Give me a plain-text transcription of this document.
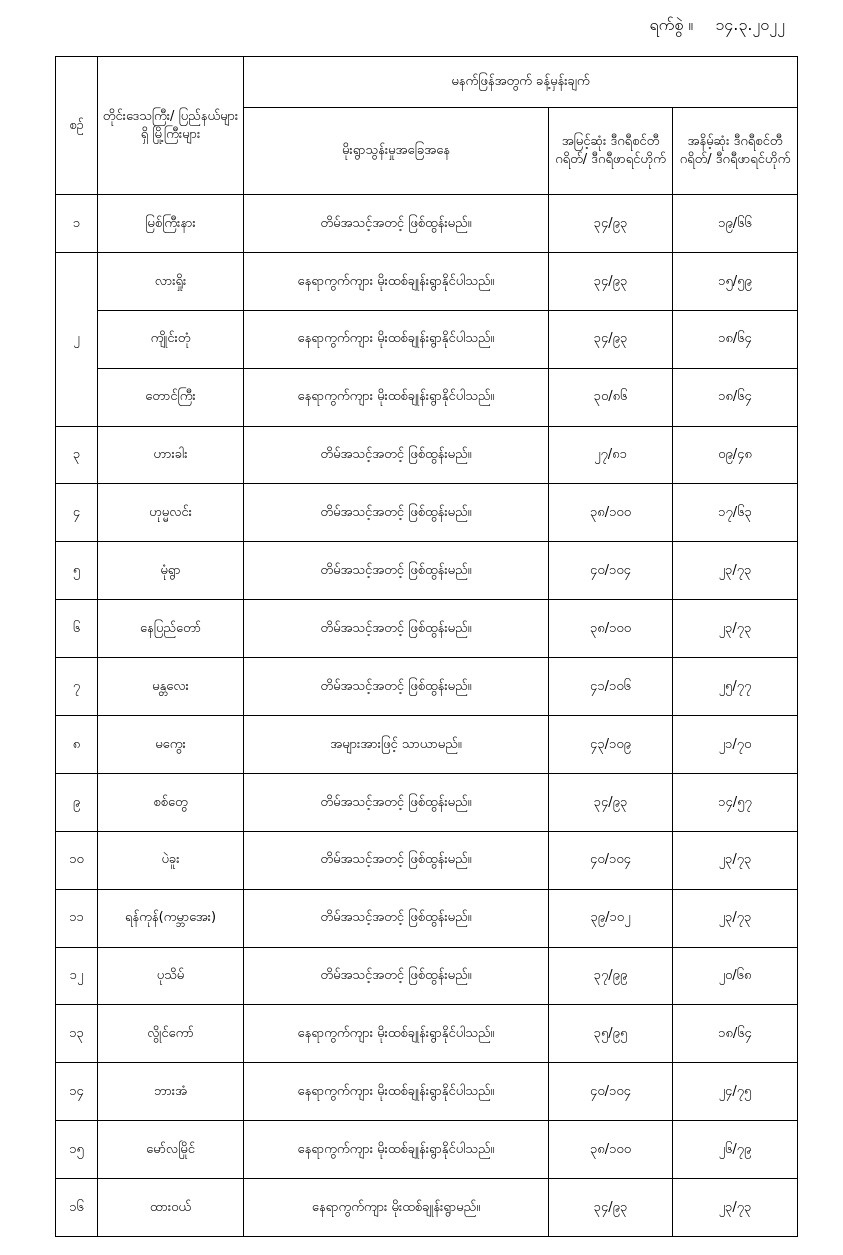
ရက်စွဲ ။ ၁၄.၃.၂၀၂၂
စဉ်	တိုင်းဒေသကြီး/ ပြည်နယ်များရှိ မြို့ကြီးများ	မနက်ဖြန်အတွက် ခန့်မှန်းချက်		
		မိုးရွာသွန်းမှုအခြေအနေ	အမြင့်ဆုံး ဒီဂရီစင်တီဂရိတ်/ ဒီဂရီဖာရင်ဟိုက်	အနိမ့်ဆုံး ဒီဂရီစင်တီဂရိတ်/ ဒီဂရီဖာရင်ဟိုက်
၁	မြစ်ကြီးနား	တိမ်အသင့်အတင့် ဖြစ်ထွန်းမည်။	၃၄/၉၃	၁၉/၆၆
၂	လားရှိုး	နေရာကွက်ကျား မိုးထစ်ချုန်းရွာနိုင်ပါသည်။	၃၄/၉၃	၁၅/၅၉
	ကျိုင်းတုံ	နေရာကွက်ကျား မိုးထစ်ချုန်းရွာနိုင်ပါသည်။	၃၄/၉၃	၁၈/၆၄
	တောင်ကြီး	နေရာကွက်ကျား မိုးထစ်ချုန်းရွာနိုင်ပါသည်။	၃၀/၈၆	၁၈/၆၄
၃	ဟားခါး	တိမ်အသင့်အတင့် ဖြစ်ထွန်းမည်။	၂၇/၈၁	၀၉/၄၈
၄	ဟုမ္မလင်း	တိမ်အသင့်အတင့် ဖြစ်ထွန်းမည်။	၃၈/၁၀၀	၁၇/၆၃
၅	မုံရွာ	တိမ်အသင့်အတင့် ဖြစ်ထွန်းမည်။	၄၀/၁၀၄	၂၃/၇၃
၆	နေပြည်တော်	တိမ်အသင့်အတင့် ဖြစ်ထွန်းမည်။	၃၈/၁၀၀	၂၃/၇၃
၇	မန္တလေး	တိမ်အသင့်အတင့် ဖြစ်ထွန်းမည်။	၄၁/၁၀၆	၂၅/၇၇
၈	မကွေး	အများအားဖြင့် သာယာမည်။	၄၃/၁၀၉	၂၁/၇၀
၉	စစ်တွေ	တိမ်အသင့်အတင့် ဖြစ်ထွန်းမည်။	၃၄/၉၃	၁၄/၅၇
၁၀	ပဲခူး	တိမ်အသင့်အတင့် ဖြစ်ထွန်းမည်။	၄၀/၁၀၄	၂၃/၇၃
၁၁	ရန်ကုန်(ကမ္ဘာအေး)	တိမ်အသင့်အတင့် ဖြစ်ထွန်းမည်။	၃၉/၁၀၂	၂၃/၇၃
၁၂	ပုသိမ်	တိမ်အသင့်အတင့် ဖြစ်ထွန်းမည်။	၃၇/၉၉	၂၀/၆၈
၁၃	လွိုင်ကော်	နေရာကွက်ကျား မိုးထစ်ချုန်းရွာနိုင်ပါသည်။	၃၅/၉၅	၁၈/၆၄
၁၄	ဘားအံ	နေရာကွက်ကျား မိုးထစ်ချုန်းရွာနိုင်ပါသည်။	၄၀/၁၀၄	၂၄/၇၅
၁၅	မော်လမြိုင်	နေရာကွက်ကျား မိုးထစ်ချုန်းရွာနိုင်ပါသည်။	၃၈/၁၀၀	၂၆/၇၉
၁၆	ထားဝယ်	နေရာကွက်ကျား မိုးထစ်ချုန်းရွာမည်။	၃၄/၉၃	၂၃/၇၃
